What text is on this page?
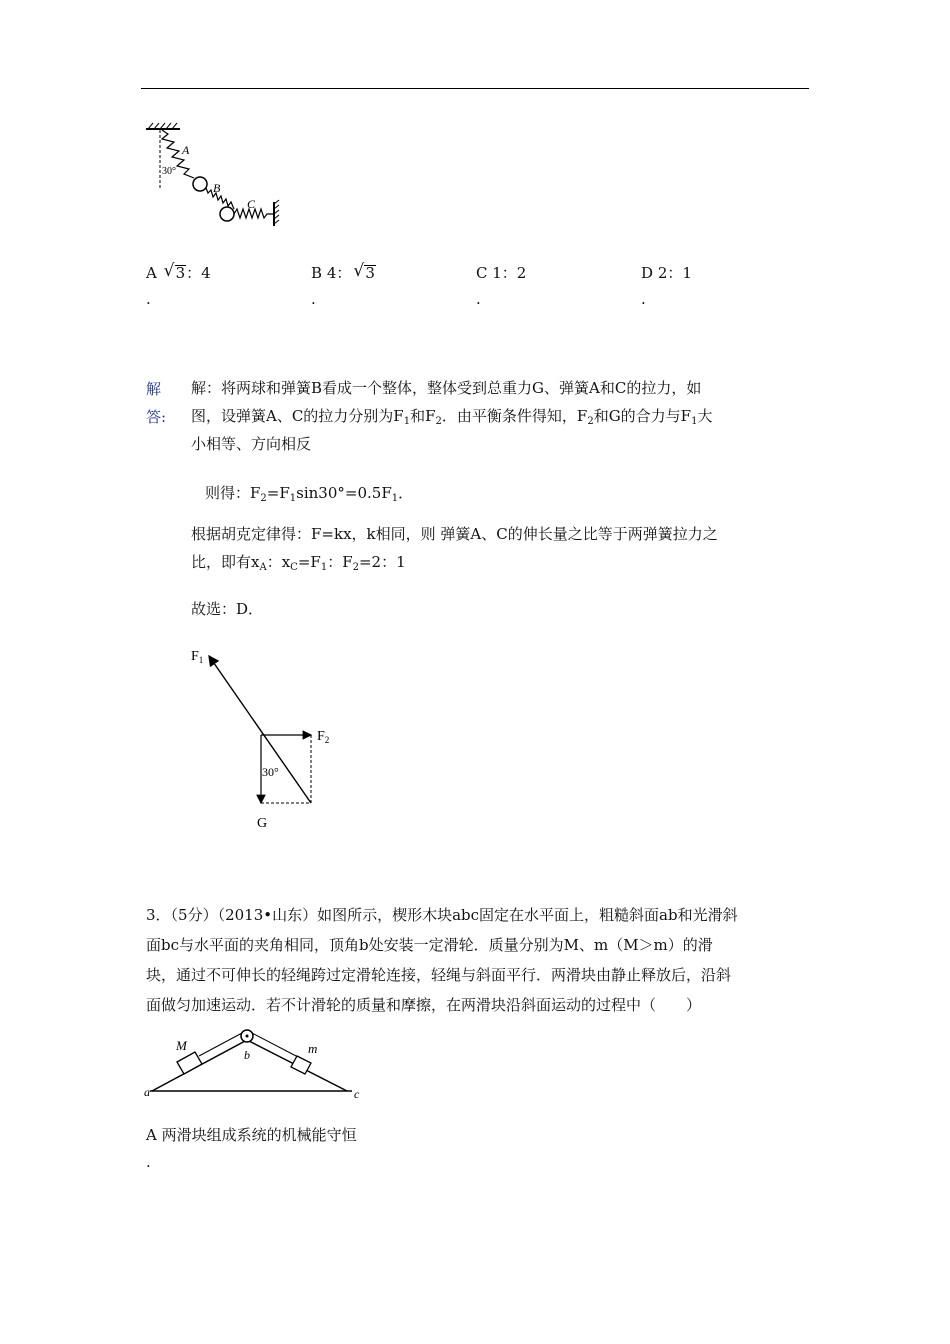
A
B
C
30°
A √ 3：4	B 4： √ 3	C 1：2	D 2：1
.	.	.	.
解
答:
解：将两球和弹簧B看成一个整体，整体受到总重力G、弹簧A和C的拉力，如
图，设弹簧A、C的拉力分别为$F_1$和$F_2$．由平衡条件得知，$F_2$和G的合力与$F_1$大
小相等、方向相反
则得：$F_2=F_1\sin 30^\circ=0.5F_1$．
根据胡克定律得：F=kx，k相同，则 弹簧A、C的伸长量之比等于两弹簧拉力之
比，即有$x_A$：$x_C=F_1$：$F_2=2$：1
故选：D．
$F_1$
$F_2$
G
30°
3．（5分）（2013•山东）如图所示，楔形木块abc固定在水平面上，粗糙斜面ab和光滑斜
面bc与水平面的夹角相同，顶角b处安装一定滑轮．质量分别为M、m（M＞m）的滑
块，通过不可伸长的轻绳跨过定滑轮连接，轻绳与斜面平行．两滑块由静止释放后，沿斜
面做匀加速运动．若不计滑轮的质量和摩擦，在两滑块沿斜面运动的过程中（　　）
M	m
b
a	c
A 两滑块组成系统的机械能守恒
.
